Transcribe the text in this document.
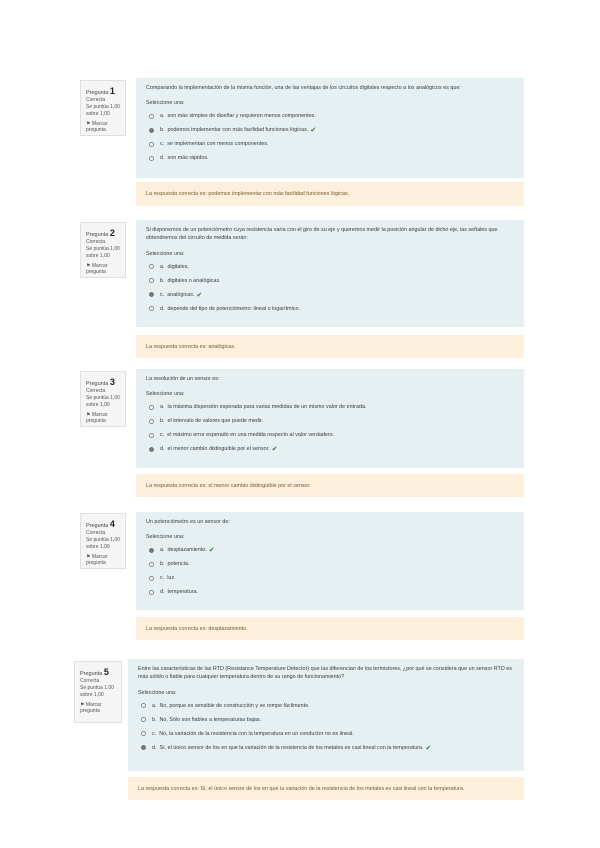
Pregunta 1
Correcta
Se puntúa 1,00 sobre 1,00
⚑ Marcar pregunta
Comparando la implementación de la misma función, una de las ventajas de los circuitos digitales respecto a los analógicos es que:
Seleccione una:
a. son más simples de diseñar y requieren menos componentes.
b. podemos implementar con más facilidad funciones lógicas. ✔
c. se implementan con menos componentes.
d. son más rápidos.
La respuesta correcta es: podemos implementar con más facilidad funciones lógicas.
Pregunta 2
Correcta
Se puntúa 1,00 sobre 1,00
⚑ Marcar pregunta
Si disponemos de un potenciómetro cuya resistencia varía con el giro de su eje y queremos medir la posición angular de dicho eje, las señales que obtendremos del circuito de medida serán:
Seleccione una:
a. digitales.
b. digitales o analógicas.
c. analógicas. ✔
d. depende del tipo de potenciómetro: lineal o logarítmico.
La respuesta correcta es: analógicas.
Pregunta 3
Correcta
Se puntúa 1,00 sobre 1,00
⚑ Marcar pregunta
La resolución de un sensor es:
Seleccione una:
a. la máxima dispersión esperada para varias medidas de un mismo valor de entrada.
b. el intervalo de valores que puede medir.
c. el máximo error esperado en una medida respecto al valor verdadero.
d. el menor cambio distinguible por el sensor. ✔
La respuesta correcta es: el menor cambio distinguible por el sensor.
Pregunta 4
Correcta
Se puntúa 1,00 sobre 1,00
⚑ Marcar pregunta
Un potenciómetro es un sensor de:
Seleccione una:
a. desplazamiento. ✔
b. potencia.
c. luz.
d. temperatura.
La respuesta correcta es: desplazamiento.
Pregunta 5
Correcta
Se puntúa 1,00 sobre 1,00
⚑ Marcar pregunta
Entre las características de las RTD (Resistance Temperature Detector) que las diferencian de los termistores, ¿por qué se considera que un sensor RTD es más sólido o fiable para cualquier temperatura dentro de su rango de funcionamiento?
Seleccione una:
a. No, porque es sensible de construcción y se rompe fácilmente.
b. No, Sólo son fiables a temperaturas bajas.
c. No, la variación de la resistencia con la temperatura en un conductor no es lineal.
d. Sí, el único sensor de los en que la variación de la resistencia de los metales es casi lineal con la temperatura. ✔
La respuesta correcta es: Sí, el único sensor de los en que la variación de la resistencia de los metales es casi lineal con la temperatura.
